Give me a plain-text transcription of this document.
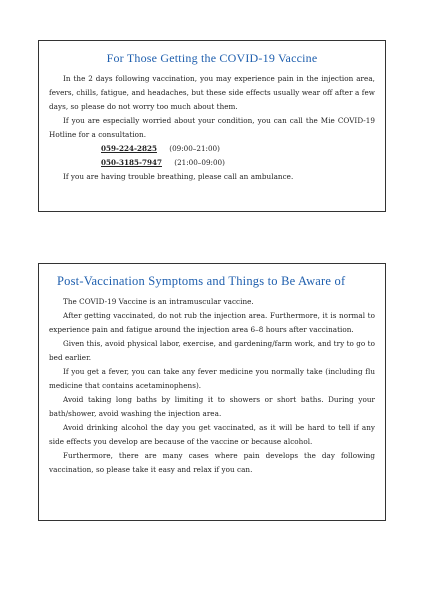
For Those Getting the COVID-19 Vaccine

In the 2 days following vaccination, you may experience pain in the injection area, fevers, chills, fatigue, and headaches, but these side effects usually wear off after a few days, so please do not worry too much about them.

If you are especially worried about your condition, you can call the Mie COVID-19 Hotline for a consultation.

059-224-2825 (09:00–21:00)
050-3185-7947 (21:00–09:00)

If you are having trouble breathing, please call an ambulance.

Post-Vaccination Symptoms and Things to Be Aware of

The COVID-19 Vaccine is an intramuscular vaccine.

After getting vaccinated, do not rub the injection area. Furthermore, it is normal to experience pain and fatigue around the injection area 6–8 hours after vaccination.

Given this, avoid physical labor, exercise, and gardening/farm work, and try to go to bed earlier.

If you get a fever, you can take any fever medicine you normally take (including flu medicine that contains acetaminophens).

Avoid taking long baths by limiting it to showers or short baths. During your bath/shower, avoid washing the injection area.

Avoid drinking alcohol the day you get vaccinated, as it will be hard to tell if any side effects you develop are because of the vaccine or because alcohol.

Furthermore, there are many cases where pain develops the day following vaccination, so please take it easy and relax if you can.
